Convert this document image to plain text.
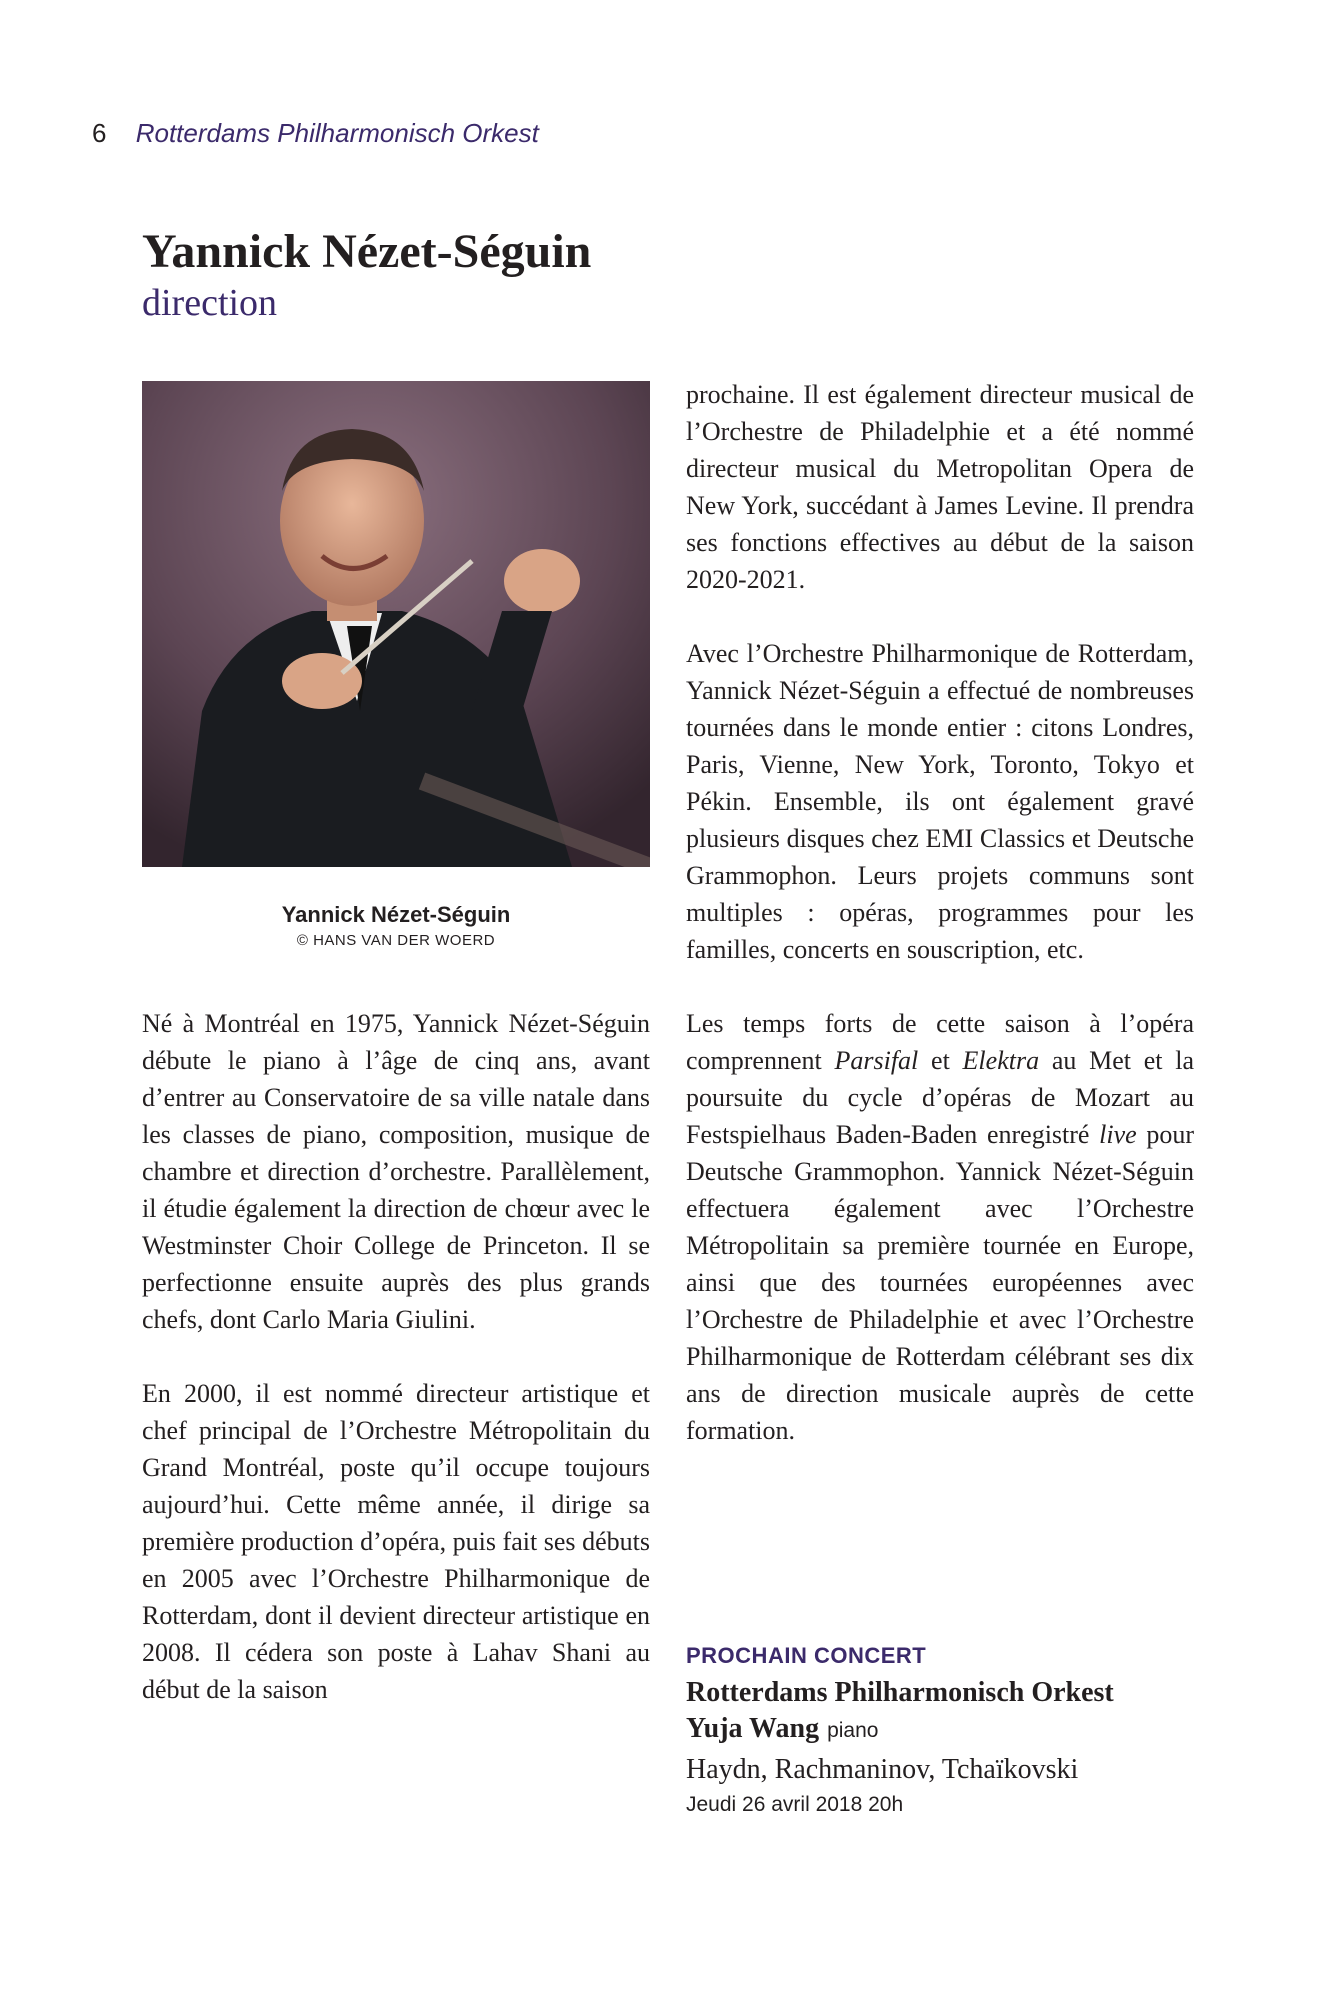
6 Rotterdams Philharmonisch Orkest
Yannick Nézet-Séguin
direction
Yannick Nézet-Séguin
© HANS VAN DER WOERD

Né à Montréal en 1975, Yannick Nézet-Séguin débute le piano à l’âge de cinq ans, avant d’entrer au Conservatoire de sa ville natale dans les classes de piano, composition, musique de chambre et direction d’orchestre. Parallèlement, il étudie également la direction de chœur avec le Westminster Choir College de Princeton. Il se perfectionne ensuite auprès des plus grands chefs, dont Carlo Maria Giulini.

En 2000, il est nommé directeur artistique et chef principal de l’Orchestre Métropolitain du Grand Montréal, poste qu’il occupe toujours aujourd’hui. Cette même année, il dirige sa première production d’opéra, puis fait ses débuts en 2005 avec l’Orchestre Philharmonique de Rotterdam, dont il devient directeur artistique en 2008. Il cédera son poste à Lahav Shani au début de la saison

prochaine. Il est également directeur musical de l’Orchestre de Philadelphie et a été nommé directeur musical du Metropolitan Opera de New York, succédant à James Levine. Il prendra ses fonctions effectives au début de la saison 2020-2021.

Avec l’Orchestre Philharmonique de Rotterdam, Yannick Nézet-Séguin a effectué de nombreuses tournées dans le monde entier : citons Londres, Paris, Vienne, New York, Toronto, Tokyo et Pékin. Ensemble, ils ont également gravé plusieurs disques chez EMI Classics et Deutsche Grammophon. Leurs projets communs sont multiples : opéras, programmes pour les familles, concerts en souscription, etc.

Les temps forts de cette saison à l’opéra comprennent Parsifal et Elektra au Met et la poursuite du cycle d’opéras de Mozart au Festspielhaus Baden-Baden enregistré live pour Deutsche Grammophon. Yannick Nézet-Séguin effectuera également avec l’Orchestre Métropolitain sa première tournée en Europe, ainsi que des tournées européennes avec l’Orchestre de Philadelphie et avec l’Orchestre Philharmonique de Rotterdam célébrant ses dix ans de direction musicale auprès de cette formation.

PROCHAIN CONCERT
Rotterdams Philharmonisch Orkest
Yuja Wang piano
Haydn, Rachmaninov, Tchaïkovski
Jeudi 26 avril 2018 20h
